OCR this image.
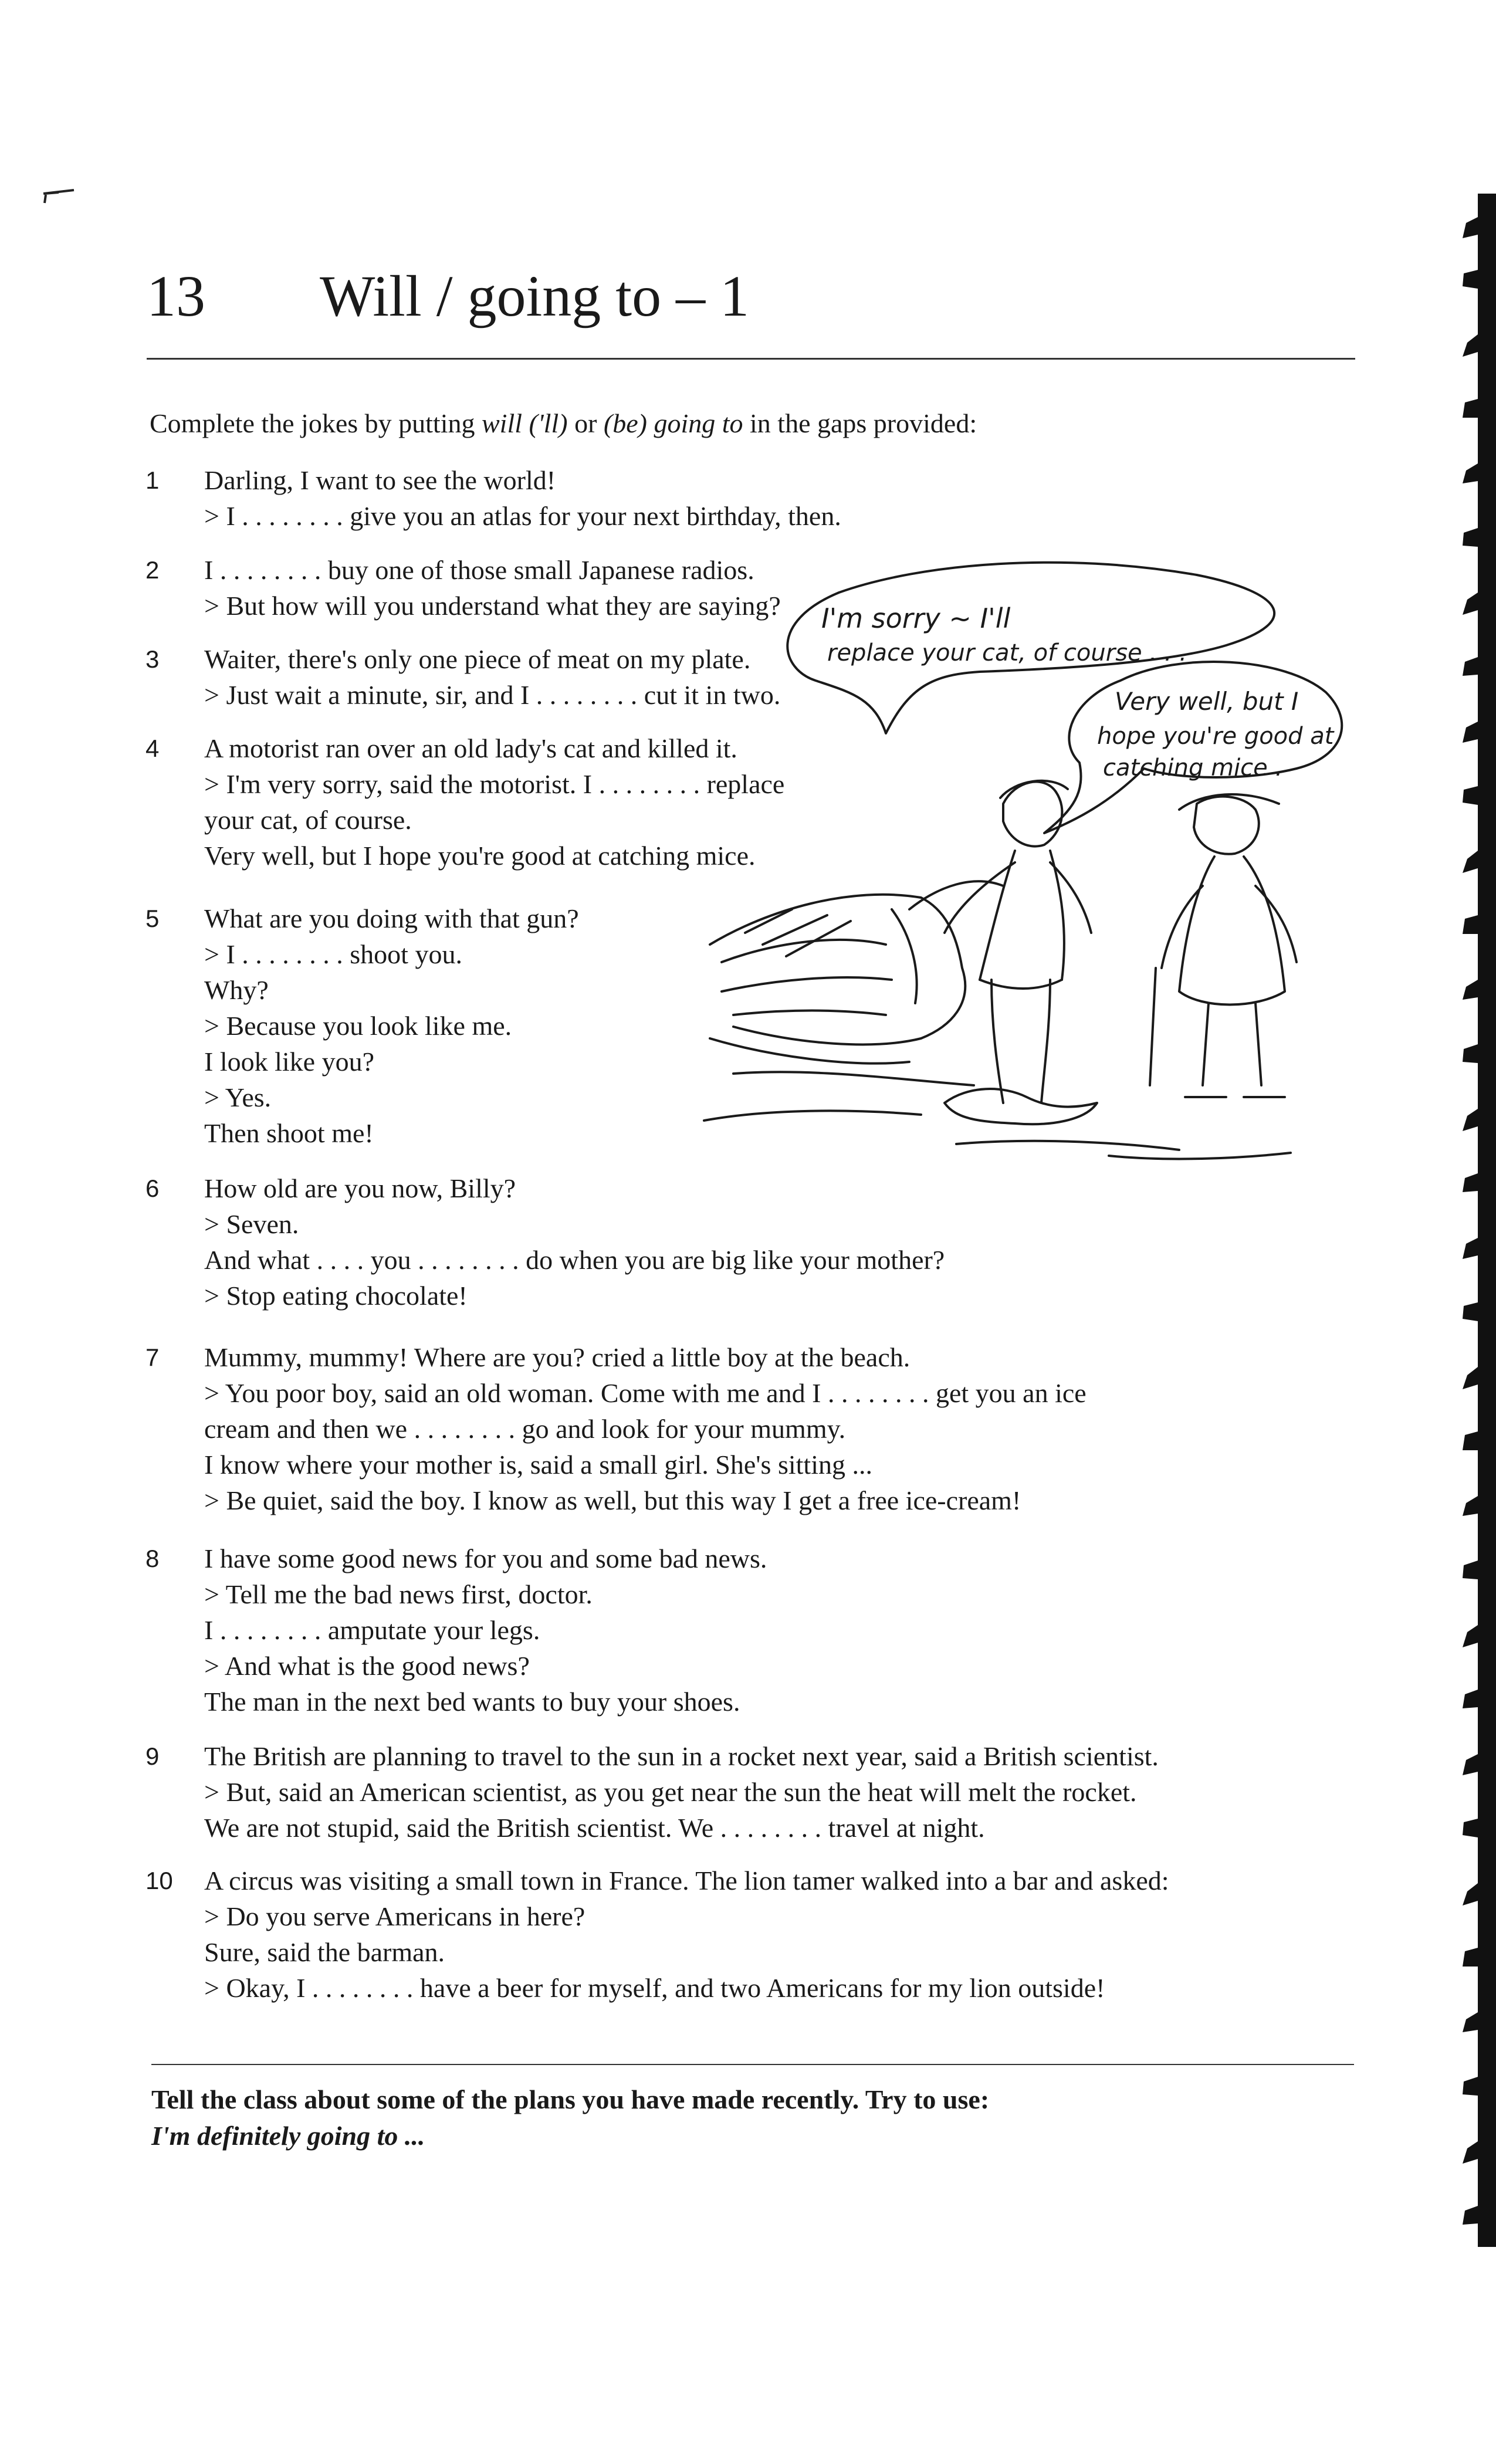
13 Will / going to – 1
Complete the jokes by putting will ('ll) or (be) going to in the gaps provided:
1	Darling, I want to see the world!
> I . . . . . . . . give you an atlas for your next birthday, then.
2	I . . . . . . . . buy one of those small Japanese radios.
> But how will you understand what they are saying?
3	Waiter, there's only one piece of meat on my plate.
> Just wait a minute, sir, and I . . . . . . . . cut it in two.
4	A motorist ran over an old lady's cat and killed it.
> I'm very sorry, said the motorist. I . . . . . . . . replace
your cat, of course.
Very well, but I hope you're good at catching mice.
5	What are you doing with that gun?
> I . . . . . . . . shoot you.
Why?
> Because you look like me.
I look like you?
> Yes.
Then shoot me!
6	How old are you now, Billy?
> Seven.
And what . . . . you . . . . . . . . do when you are big like your mother?
> Stop eating chocolate!
7	Mummy, mummy! Where are you? cried a little boy at the beach.
> You poor boy, said an old woman. Come with me and I . . . . . . . . get you an ice
cream and then we . . . . . . . . go and look for your mummy.
I know where your mother is, said a small girl. She's sitting ...
> Be quiet, said the boy. I know as well, but this way I get a free ice-cream!
8	I have some good news for you and some bad news.
> Tell me the bad news first, doctor.
I . . . . . . . . amputate your legs.
> And what is the good news?
The man in the next bed wants to buy your shoes.
9	The British are planning to travel to the sun in a rocket next year, said a British scientist.
> But, said an American scientist, as you get near the sun the heat will melt the rocket.
We are not stupid, said the British scientist. We . . . . . . . . travel at night.
10 A circus was visiting a small town in France. The lion tamer walked into a bar and asked:
> Do you serve Americans in here?
Sure, said the barman.
> Okay, I . . . . . . . . have a beer for myself, and two Americans for my lion outside!
I'm sorry ~ I'll
replace your cat, of course . . .
Very well, but I
hope you're good at
catching mice .
Tell the class about some of the plans you have made recently. Try to use:
I'm definitely going to ...
